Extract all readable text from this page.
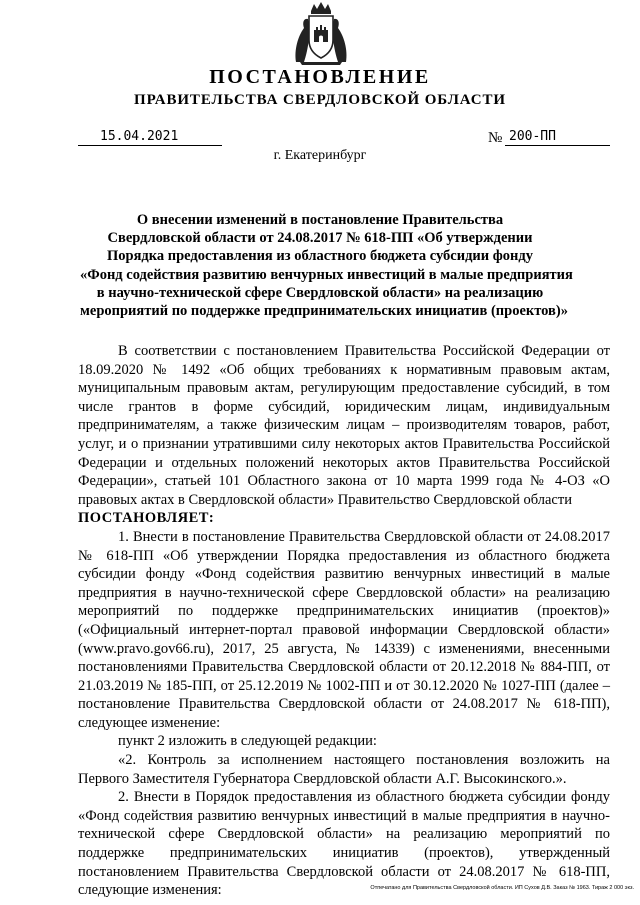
ПОСТАНОВЛЕНИЕ
ПРАВИТЕЛЬСТВА СВЕРДЛОВСКОЙ ОБЛАСТИ
15.04.2021	№ 200-ПП
г. Екатеринбург
О внесении изменений в постановление Правительства
Свердловской области от 24.08.2017 № 618-ПП «Об утверждении
Порядка предоставления из областного бюджета субсидии фонду
«Фонд содействия развитию венчурных инвестиций в малые предприятия
в научно-технической сфере Свердловской области» на реализацию
мероприятий по поддержке предпринимательских инициатив (проектов)»

В соответствии с постановлением Правительства Российской Федерации от 18.09.2020 № 1492 «Об общих требованиях к нормативным правовым актам, муниципальным правовым актам, регулирующим предоставление субсидий, в том числе грантов в форме субсидий, юридическим лицам, индивидуальным предпринимателям, а также физическим лицам – производителям товаров, работ, услуг, и о признании утратившими силу некоторых актов Правительства Российской Федерации и отдельных положений некоторых актов Правительства Российской Федерации», статьей 101 Областного закона от 10 марта 1999 года № 4-ОЗ «О правовых актах в Свердловской области» Правительство Свердловской области

ПОСТАНОВЛЯЕТ:

1. Внести в постановление Правительства Свердловской области от 24.08.2017 № 618-ПП «Об утверждении Порядка предоставления из областного бюджета субсидии фонду «Фонд содействия развитию венчурных инвестиций в малые предприятия в научно-технической сфере Свердловской области» на реализацию мероприятий по поддержке предпринимательских инициатив (проектов)» («Официальный интернет-портал правовой информации Свердловской области» (www.pravo.gov66.ru), 2017, 25 августа, № 14339) с изменениями, внесенными постановлениями Правительства Свердловской области от 20.12.2018 № 884-ПП, от 21.03.2019 № 185-ПП, от 25.12.2019 № 1002-ПП и от 30.12.2020 № 1027-ПП (далее – постановление Правительства Свердловской области от 24.08.2017 № 618-ПП), следующее изменение:

пункт 2 изложить в следующей редакции:

«2. Контроль за исполнением настоящего постановления возложить на Первого Заместителя Губернатора Свердловской области А.Г. Высокинского.».

2. Внести в Порядок предоставления из областного бюджета субсидии фонду «Фонд содействия развитию венчурных инвестиций в малые предприятия в научно-технической сфере Свердловской области» на реализацию мероприятий по поддержке предпринимательских инициатив (проектов), утвержденный постановлением Правительства Свердловской области от 24.08.2017 № 618-ПП, следующие изменения:	Отпечатано для Правительства Свердловской области. ИП Сухов Д.В. Заказ № 1963. Тираж 2 000 экз.
